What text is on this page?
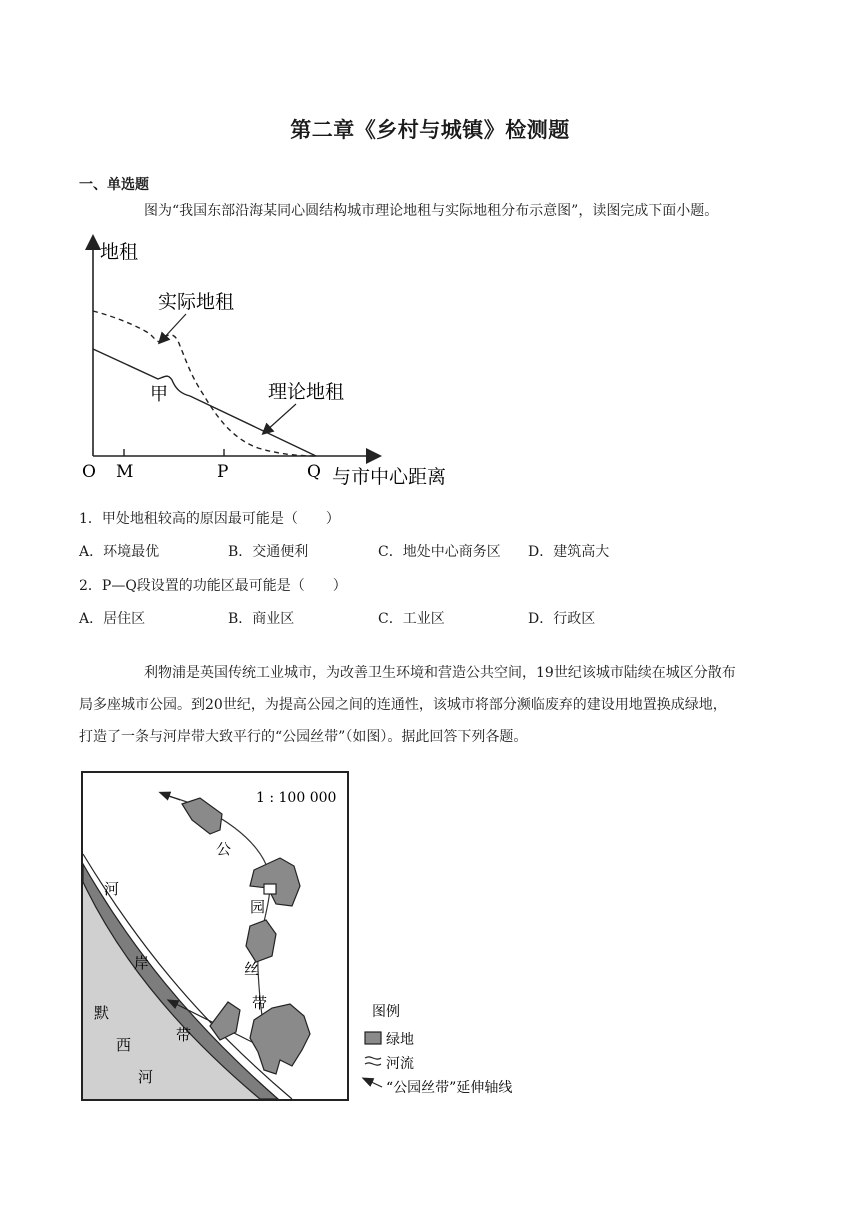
第二章《乡村与城镇》检测题
一、单选题
图为“我国东部沿海某同心圆结构城市理论地租与实际地租分布示意图”，读图完成下面小题。
地租
实际地租
理论地租
甲
O M	P	Q 与市中心距离
1．甲处地租较高的原因最可能是（　　）
A．环境最优	B．交通便利	C．地处中心商务区 D．建筑高大
2．P—Q段设置的功能区最可能是（　　）
A．居住区	B．商业区	C．工业区	D．行政区
利物浦是英国传统工业城市，为改善卫生环境和营造公共空间，19世纪该城市陆续在城区分散布
局多座城市公园。到20世纪，为提高公园之间的连通性，该城市将部分濒临废弃的建设用地置换成绿地，
打造了一条与河岸带大致平行的“公园丝带”（如图）。据此回答下列各题。
1 : 100 000
公
园
丝
带
河
岸
带
默
西
河
图例
绿地
河流
“公园丝带”延伸轴线
